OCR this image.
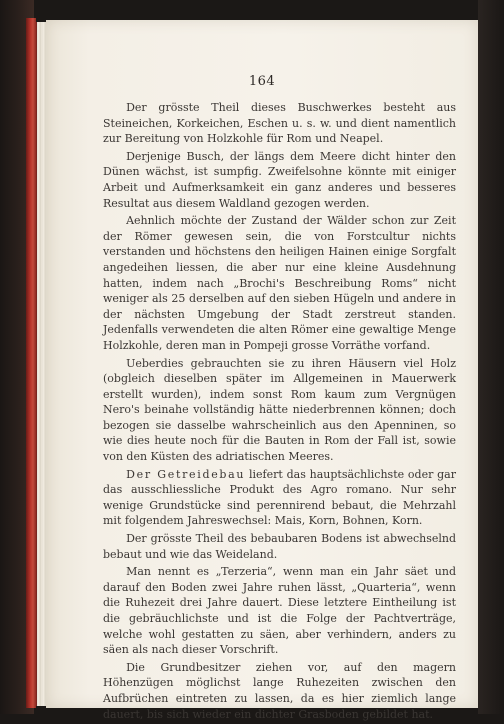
164

Der grösste Theil dieses Buschwerkes besteht aus Steineichen, Korkeichen, Eschen u. s. w. und dient namentlich zur Bereitung von Holzkohle für Rom und Neapel.

Derjenige Busch, der längs dem Meere dicht hinter den Dünen wächst, ist sumpfig. Zweifelsohne könnte mit einiger Arbeit und Aufmerksamkeit ein ganz anderes und besseres Resultat aus diesem Waldland gezogen werden.

Aehnlich möchte der Zustand der Wälder schon zur Zeit der Römer gewesen sein, die von Forstcultur nichts verstanden und höchstens den heiligen Hainen einige Sorgfalt angedeihen liessen, die aber nur eine kleine Ausdehnung hatten, indem nach „Brochi's Beschreibung Roms“ nicht weniger als 25 derselben auf den sieben Hügeln und andere in der nächsten Umgebung der Stadt zerstreut standen. Jedenfalls verwendeten die alten Römer eine gewaltige Menge Holzkohle, deren man in Pompeji grosse Vorräthe vorfand.

Ueberdies gebrauchten sie zu ihren Häusern viel Holz (obgleich dieselben später im Allgemeinen in Mauerwerk erstellt wurden), indem sonst Rom kaum zum Vergnügen Nero's beinahe vollständig hätte niederbrennen können; doch bezogen sie dasselbe wahrscheinlich aus den Apenninen, so wie dies heute noch für die Bauten in Rom der Fall ist, sowie von den Küsten des adriatischen Meeres.

Der Getreidebau liefert das hauptsächlichste oder gar das ausschliessliche Produkt des Agro romano. Nur sehr wenige Grundstücke sind perennirend bebaut, die Mehrzahl mit folgendem Jahreswechsel: Mais, Korn, Bohnen, Korn.

Der grösste Theil des bebaubaren Bodens ist abwechselnd bebaut und wie das Weideland.

Man nennt es „Terzeria“, wenn man ein Jahr säet und darauf den Boden zwei Jahre ruhen lässt, „Quarteria“, wenn die Ruhezeit drei Jahre dauert. Diese letztere Eintheilung ist die gebräuchlichste und ist die Folge der Pachtverträge, welche wohl gestatten zu säen, aber verhindern, anders zu säen als nach dieser Vorschrift.

Die Grundbesitzer ziehen vor, auf den magern Höhenzügen möglichst lange Ruhezeiten zwischen den Aufbrüchen eintreten zu lassen, da es hier ziemlich lange dauert, bis sich wieder ein dichter Grasboden gebildet hat.
